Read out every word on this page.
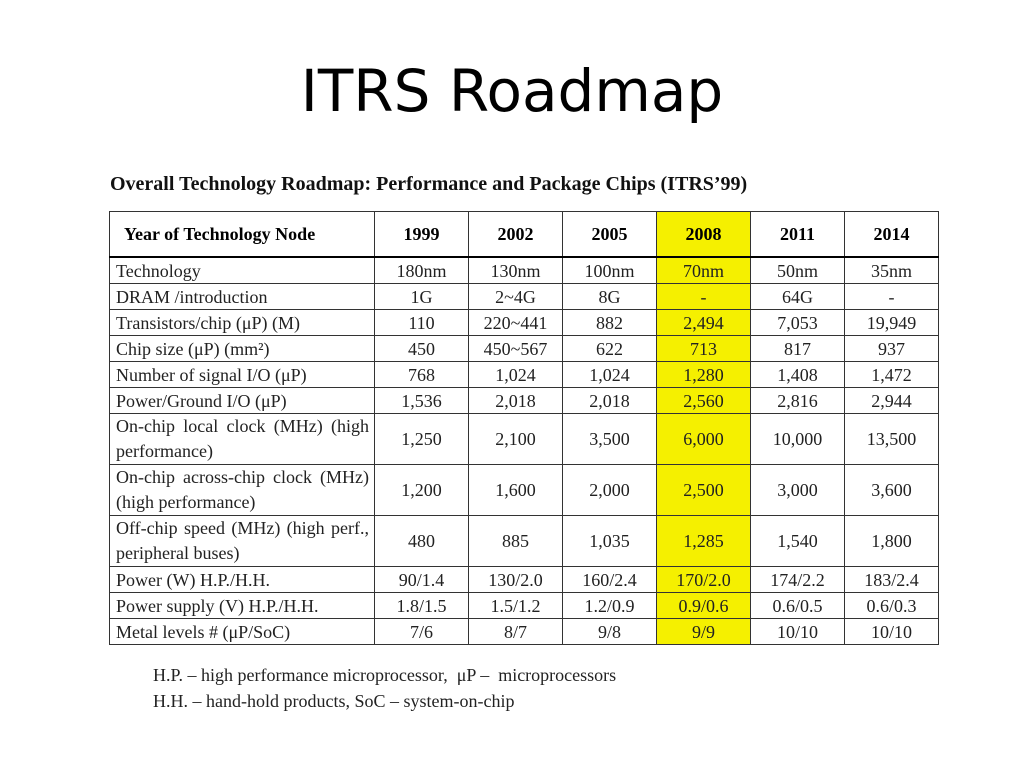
ITRS Roadmap
Overall Technology Roadmap: Performance and Package Chips (ITRS’99)
Year of Technology Node	1999	2002	2005	2008	2011	2014
Technology	180nm	130nm	100nm	70nm	50nm	35nm
DRAM /introduction	1G	2~4G	8G	-	64G	-
Transistors/chip (μP) (M)	110	220~441	882	2,494	7,053	19,949
Chip size (μP) (mm²)	450	450~567	622	713	817	937
Number of signal I/O (μP)	768	1,024	1,024	1,280	1,408	1,472
Power/Ground I/O (μP)	1,536	2,018	2,018	2,560	2,816	2,944
On-chip local clock (MHz) (high performance)	1,250	2,100	3,500	6,000	10,000	13,500
On-chip across-chip clock (MHz) (high performance)	1,200	1,600	2,000	2,500	3,000	3,600
Off-chip speed (MHz) (high perf., peripheral buses)	480	885	1,035	1,285	1,540	1,800
Power (W) H.P./H.H.	90/1.4	130/2.0	160/2.4	170/2.0	174/2.2	183/2.4
Power supply (V) H.P./H.H.	1.8/1.5	1.5/1.2	1.2/0.9	0.9/0.6	0.6/0.5	0.6/0.3
Metal levels # (μP/SoC)	7/6	8/7	9/8	9/9	10/10	10/10
H.P. – high performance microprocessor,  μP –  microprocessors
H.H. – hand-hold products, SoC – system-on-chip
